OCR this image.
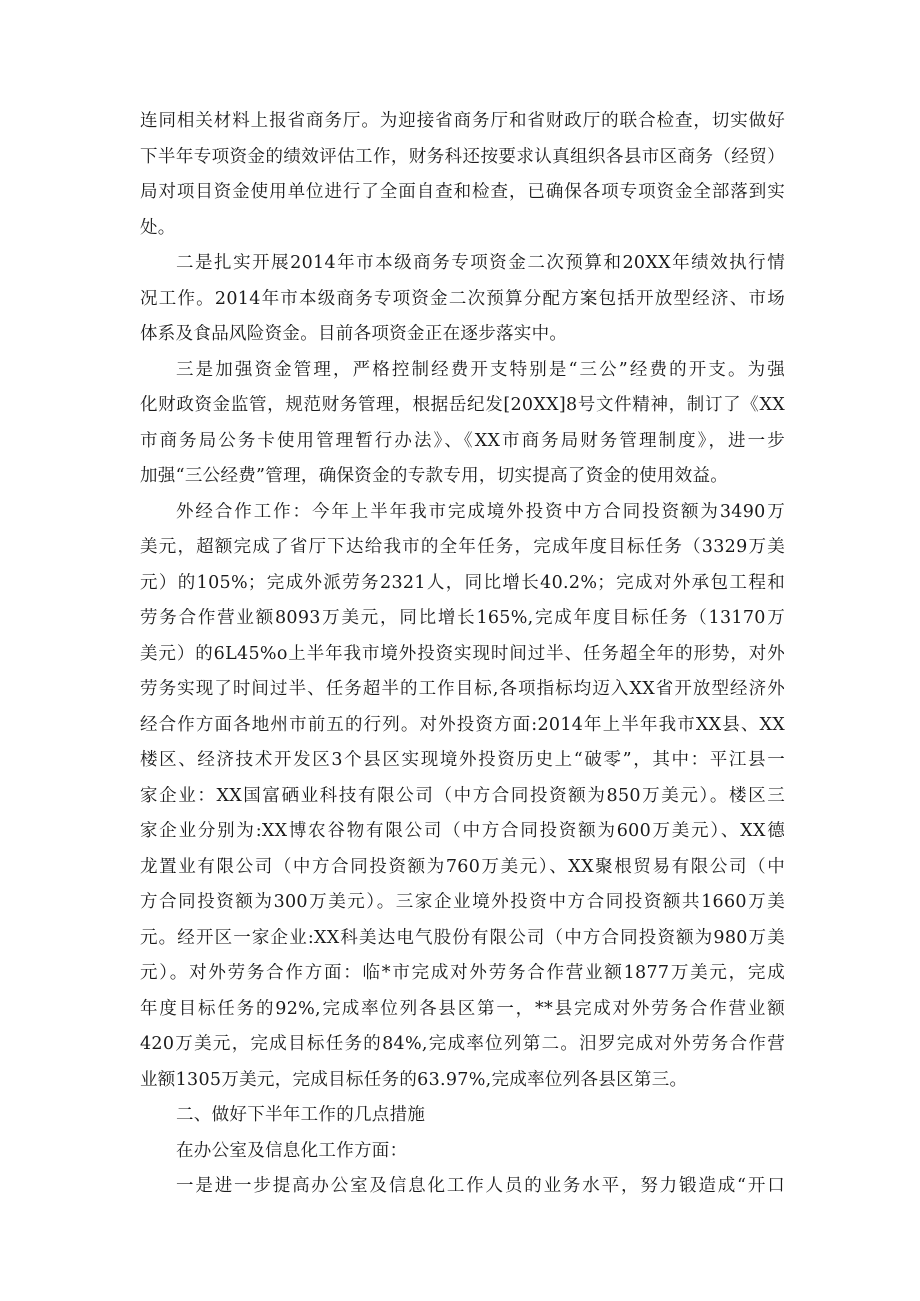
连同相关材料上报省商务厅。为迎接省商务厅和省财政厅的联合检查，切实做好
下半年专项资金的绩效评估工作，财务科还按要求认真组织各县市区商务（经贸）
局对项目资金使用单位进行了全面自查和检查，已确保各项专项资金全部落到实
处。
二是扎实开展2014年市本级商务专项资金二次预算和20XX年绩效执行情
况工作。2014年市本级商务专项资金二次预算分配方案包括开放型经济、市场
体系及食品风险资金。目前各项资金正在逐步落实中。
三是加强资金管理，严格控制经费开支特别是“三公”经费的开支。为强
化财政资金监管，规范财务管理，根据岳纪发[20XX]8号文件精神，制订了《XX
市商务局公务卡使用管理暂行办法》、《XX市商务局财务管理制度》，进一步
加强“三公经费”管理，确保资金的专款专用，切实提高了资金的使用效益。
外经合作工作：今年上半年我市完成境外投资中方合同投资额为3490万
美元，超额完成了省厅下达给我市的全年任务，完成年度目标任务（3329万美
元）的105%；完成外派劳务2321人，同比增长40.2%；完成对外承包工程和
劳务合作营业额8093万美元，同比增长165%,完成年度目标任务（13170万
美元）的6L45%o上半年我市境外投资实现时间过半、任务超全年的形势，对外
劳务实现了时间过半、任务超半的工作目标,各项指标均迈入XX省开放型经济外
经合作方面各地州市前五的行列。对外投资方面:2014年上半年我市XX县、XX
楼区、经济技术开发区3个县区实现境外投资历史上“破零”，其中：平江县一
家企业：XX国富硒业科技有限公司（中方合同投资额为850万美元）。楼区三
家企业分别为:XX博农谷物有限公司（中方合同投资额为600万美元）、XX德
龙置业有限公司（中方合同投资额为760万美元）、XX聚根贸易有限公司（中
方合同投资额为300万美元）。三家企业境外投资中方合同投资额共1660万美
元。经开区一家企业:XX科美达电气股份有限公司（中方合同投资额为980万美
元）。对外劳务合作方面：临*市完成对外劳务合作营业额1877万美元，完成
年度目标任务的92%,完成率位列各县区第一，**县完成对外劳务合作营业额
420万美元，完成目标任务的84%,完成率位列第二。汨罗完成对外劳务合作营
业额1305万美元，完成目标任务的63.97%,完成率位列各县区第三。
二、做好下半年工作的几点措施
在办公室及信息化工作方面：
一是进一步提高办公室及信息化工作人员的业务水平，努力锻造成“开口
